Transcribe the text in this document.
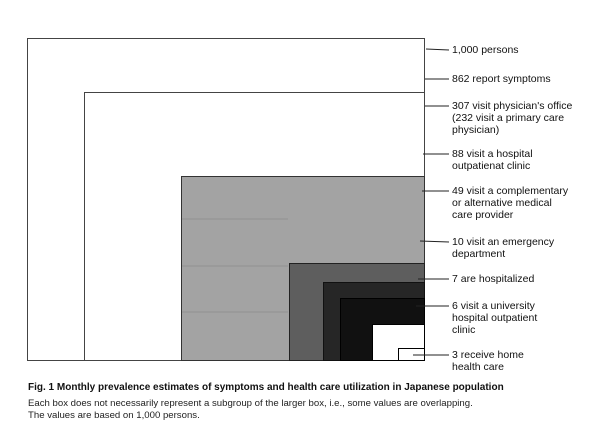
1,000 persons
862 report symptoms
307 visit physician's office
(232 visit a primary care
physician)
88 visit a hospital
outpatienat clinic
49 visit a complementary
or alternative medical
care provider
10 visit an emergency
department
7 are hospitalized
6 visit a university
hospital outpatient
clinic
3 receive home
health care
Fig. 1 Monthly prevalence estimates of symptoms and health care utilization in Japanese population
Each box does not necessarily represent a subgroup of the larger box, i.e., some values are overlapping.
The values are based on 1,000 persons.
